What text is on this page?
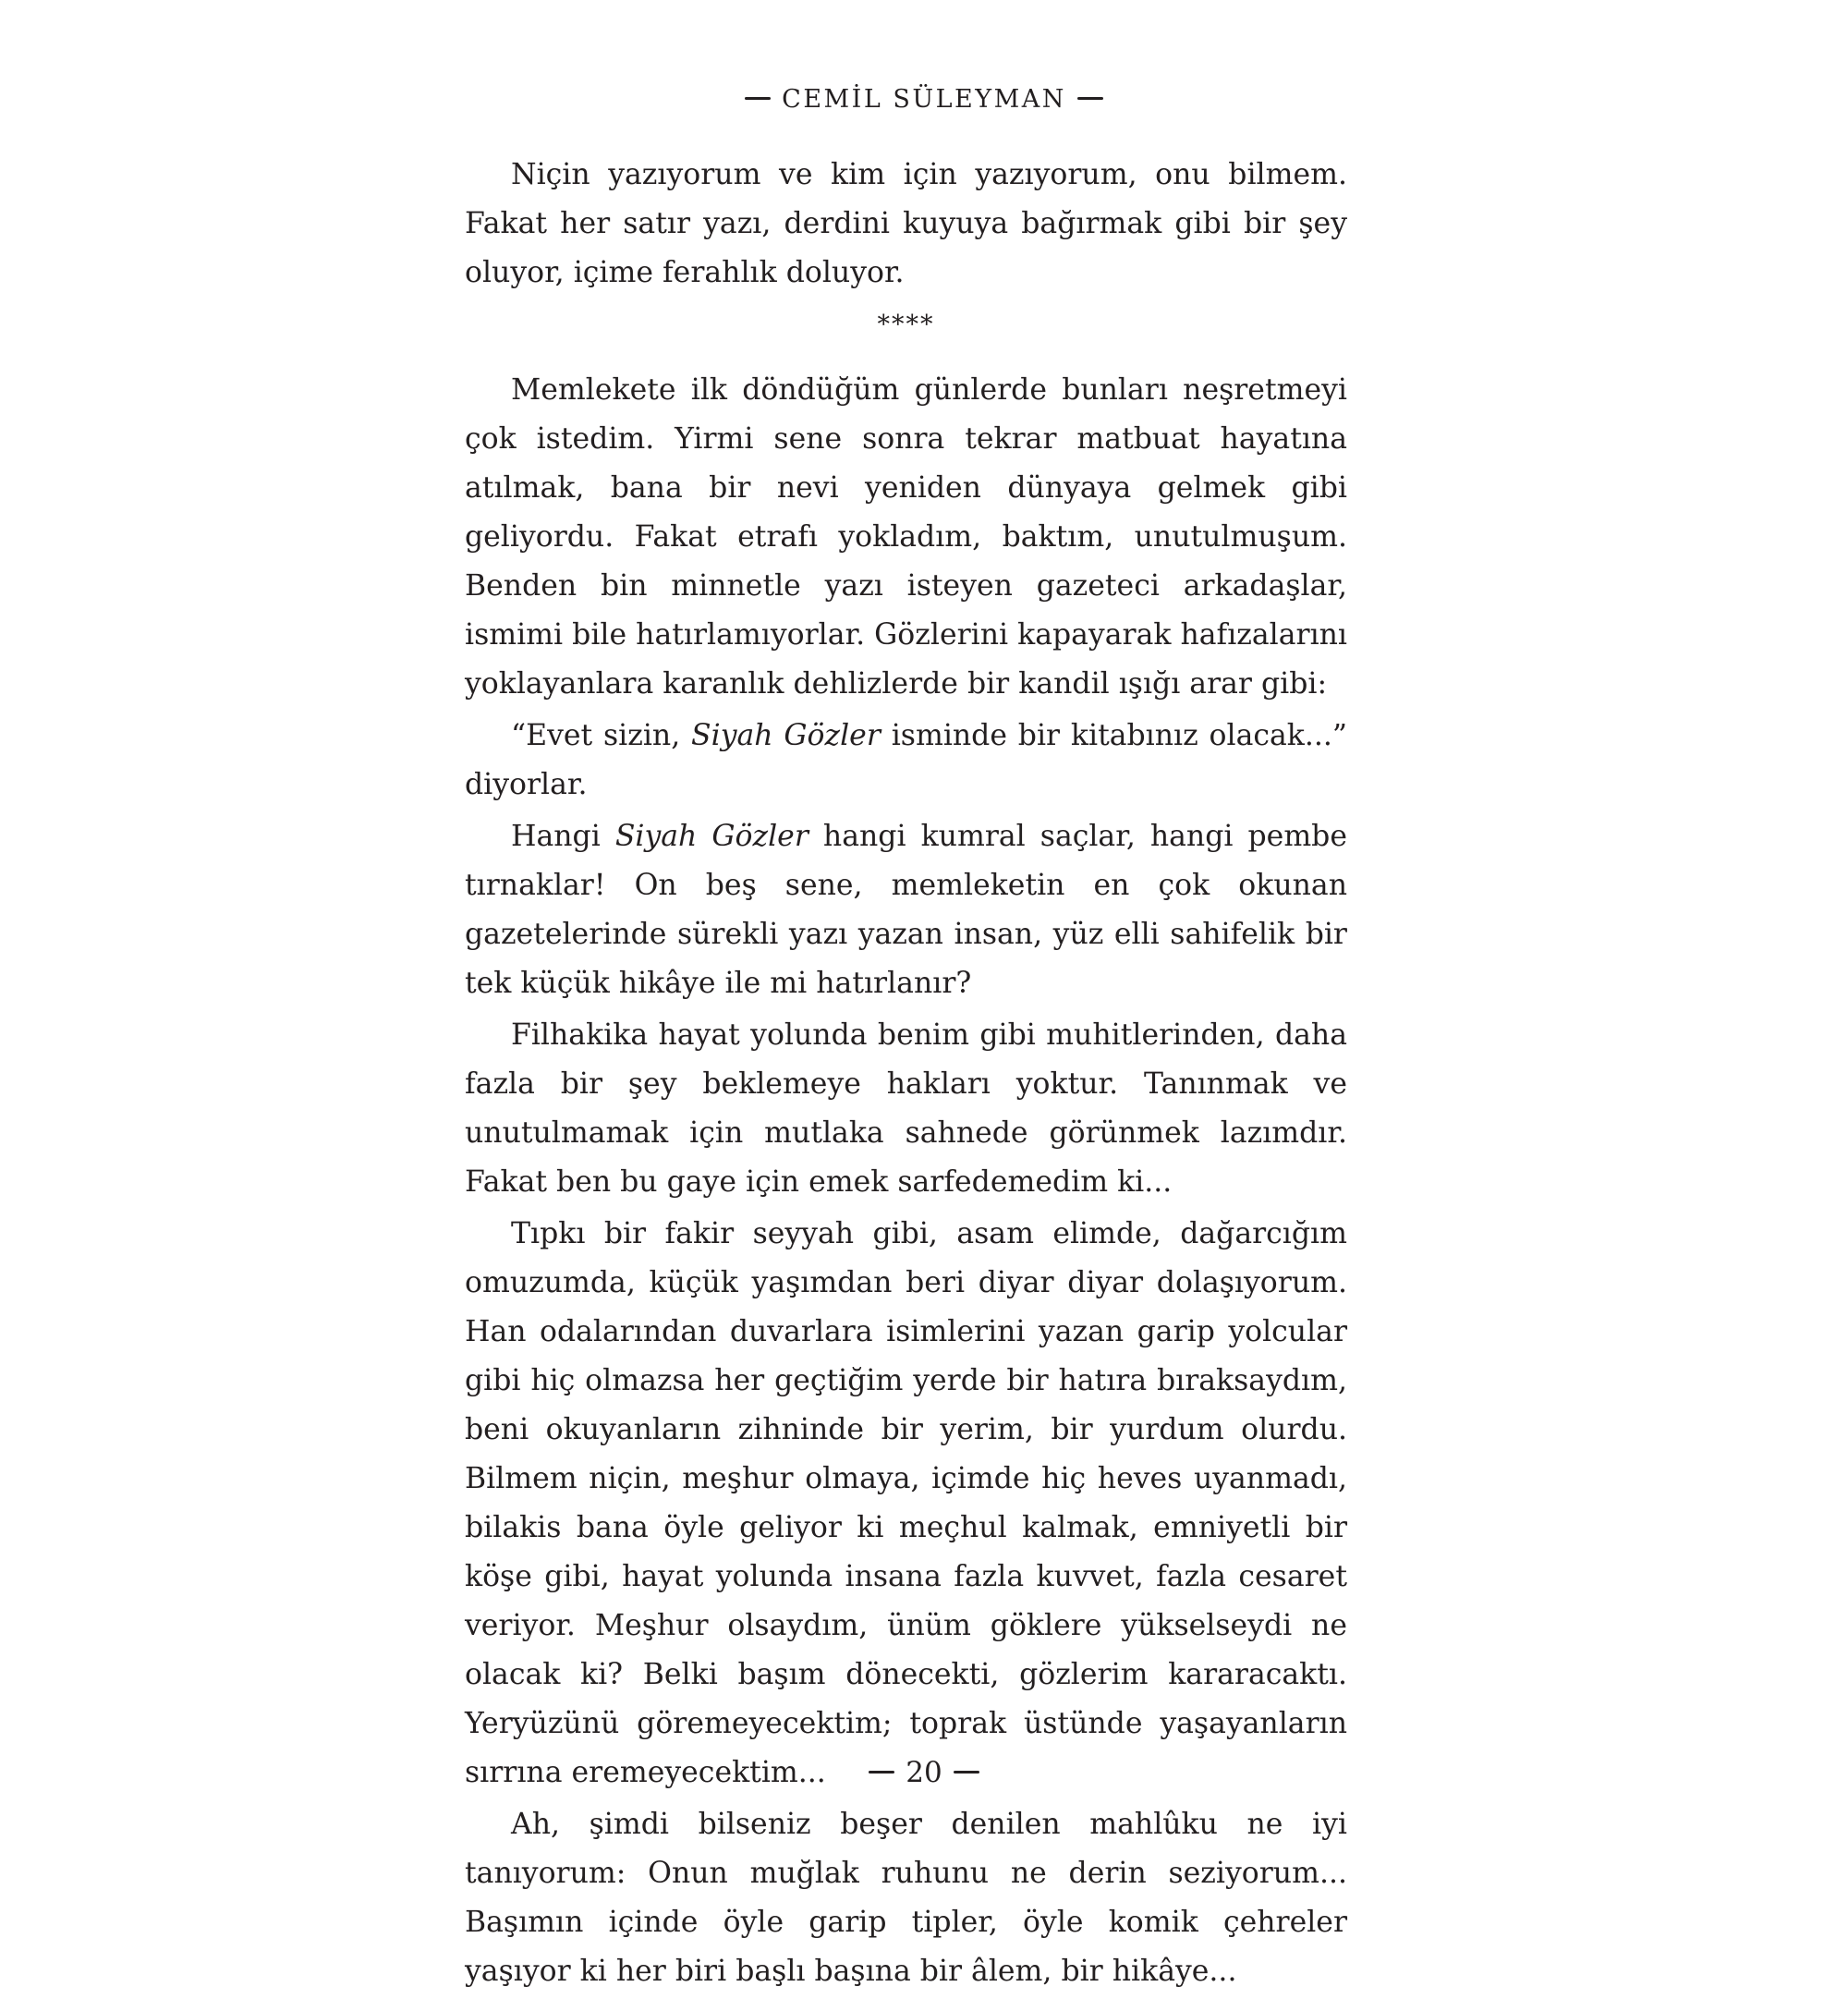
CEMİL SÜLEYMAN

Niçin yazıyorum ve kim için yazıyorum, onu bilmem. Fakat her satır yazı, derdini kuyuya bağırmak gibi bir şey oluyor, içime ferahlık doluyor.

****

Memlekete ilk döndüğüm günlerde bunları neşretmeyi çok istedim. Yirmi sene sonra tekrar matbuat hayatına atılmak, bana bir nevi yeniden dünyaya gelmek gibi geliyordu. Fakat etrafı yokladım, baktım, unutulmuşum. Benden bin minnetle yazı isteyen gazeteci arkadaşlar, ismimi bile hatırlamıyorlar. Gözlerini kapayarak hafızalarını yoklayanlara karanlık dehlizlerde bir kandil ışığı arar gibi:

“Evet sizin, Siyah Gözler isminde bir kitabınız olacak...” diyorlar.

Hangi Siyah Gözler hangi kumral saçlar, hangi pembe tırnaklar! On beş sene, memleketin en çok okunan gazetelerinde sürekli yazı yazan insan, yüz elli sahifelik bir tek küçük hikâye ile mi hatırlanır?

Filhakika hayat yolunda benim gibi muhitlerinden, daha fazla bir şey beklemeye hakları yoktur. Tanınmak ve unutulmamak için mutlaka sahnede görünmek lazımdır. Fakat ben bu gaye için emek sarfedemedim ki...

Tıpkı bir fakir seyyah gibi, asam elimde, dağarcığım omuzumda, küçük yaşımdan beri diyar diyar dolaşıyorum. Han odalarından duvarlara isimlerini yazan garip yolcular gibi hiç olmazsa her geçtiğim yerde bir hatıra bıraksaydım, beni okuyanların zihninde bir yerim, bir yurdum olurdu. Bilmem niçin, meşhur olmaya, içimde hiç heves uyanmadı, bilakis bana öyle geliyor ki meçhul kalmak, emniyetli bir köşe gibi, hayat yolunda insana fazla kuvvet, fazla cesaret veriyor. Meşhur olsaydım, ünüm göklere yükselseydi ne olacak ki? Belki başım dönecekti, gözlerim kararacaktı. Yeryüzünü göremeyecektim; toprak üstünde yaşayanların sırrına eremeyecektim...

Ah, şimdi bilseniz beşer denilen mahlûku ne iyi tanıyorum: Onun muğlak ruhunu ne derin seziyorum... Başımın içinde öyle garip tipler, öyle komik çehreler yaşıyor ki her biri başlı başına bir âlem, bir hikâye...

20
